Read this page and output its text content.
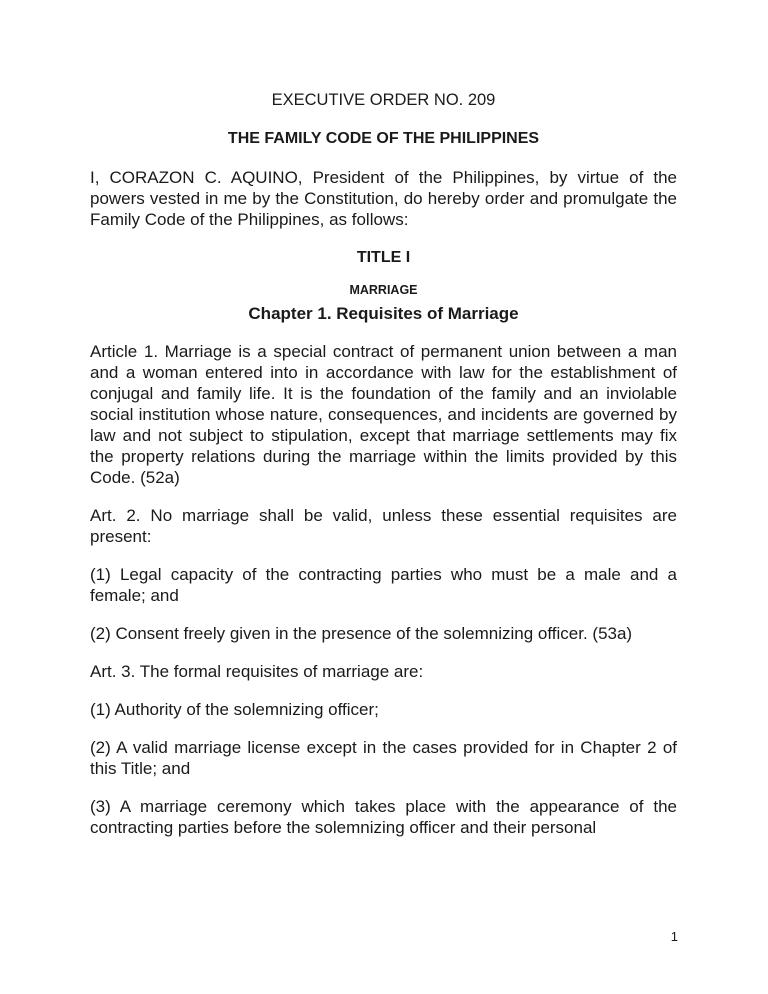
EXECUTIVE ORDER NO. 209

THE FAMILY CODE OF THE PHILIPPINES

I, CORAZON C. AQUINO, President of the Philippines, by virtue of the powers vested in me by the Constitution, do hereby order and promulgate the Family Code of the Philippines, as follows:

TITLE I

MARRIAGE

Chapter 1. Requisites of Marriage

Article 1. Marriage is a special contract of permanent union between a man and a woman entered into in accordance with law for the establishment of conjugal and family life. It is the foundation of the family and an inviolable social institution whose nature, consequences, and incidents are governed by law and not subject to stipulation, except that marriage settlements may fix the property relations during the marriage within the limits provided by this Code. (52a)

Art. 2. No marriage shall be valid, unless these essential requisites are present:

(1) Legal capacity of the contracting parties who must be a male and a female; and

(2) Consent freely given in the presence of the solemnizing officer. (53a)

Art. 3. The formal requisites of marriage are:

(1) Authority of the solemnizing officer;

(2) A valid marriage license except in the cases provided for in Chapter 2 of this Title; and

(3) A marriage ceremony which takes place with the appearance of the contracting parties before the solemnizing officer and their personal

1
